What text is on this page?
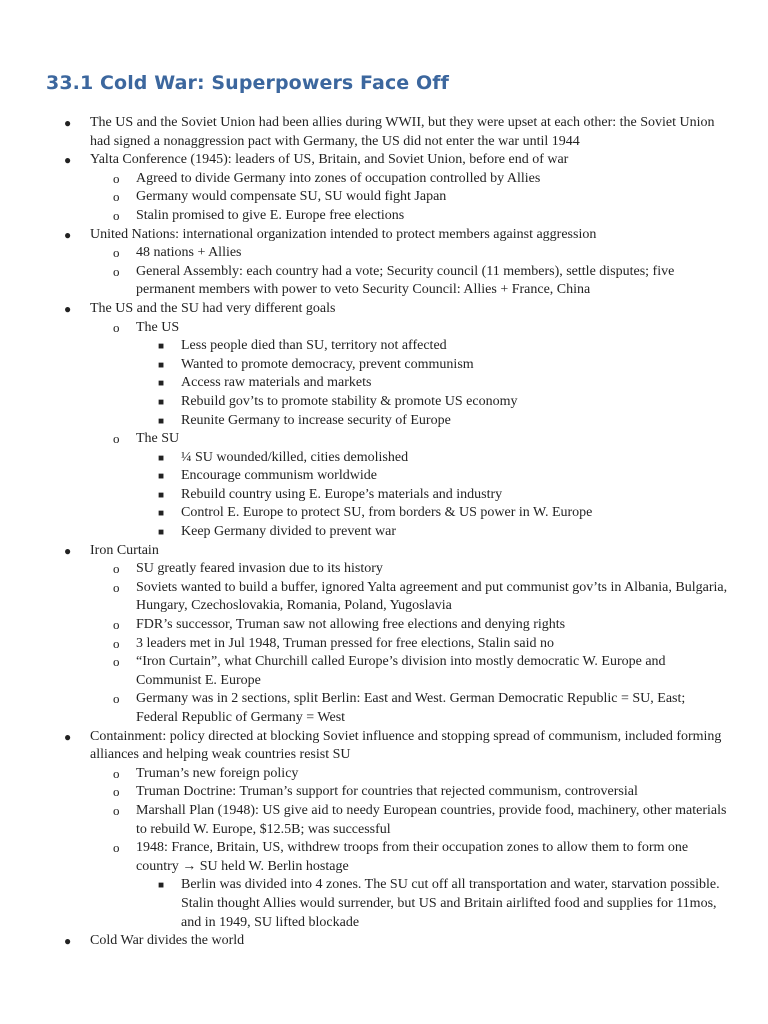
33.1 Cold War: Superpowers Face Off
● The US and the Soviet Union had been allies during WWII, but they were upset at each other: the Soviet Union had signed a nonaggression pact with Germany, the US did not enter the war until 1944
● Yalta Conference (1945): leaders of US, Britain, and Soviet Union, before end of war
o Agreed to divide Germany into zones of occupation controlled by Allies
o Germany would compensate SU, SU would fight Japan
o Stalin promised to give E. Europe free elections
● United Nations: international organization intended to protect members against aggression
o 48 nations + Allies
o General Assembly: each country had a vote; Security council (11 members), settle disputes; five permanent members with power to veto Security Council: Allies + France, China
● The US and the SU had very different goals
o The US
■ Less people died than SU, territory not affected
■ Wanted to promote democracy, prevent communism
■ Access raw materials and markets
■ Rebuild gov’ts to promote stability & promote US economy
■ Reunite Germany to increase security of Europe
o The SU
■ ¼ SU wounded/killed, cities demolished
■ Encourage communism worldwide
■ Rebuild country using E. Europe’s materials and industry
■ Control E. Europe to protect SU, from borders & US power in W. Europe
■ Keep Germany divided to prevent war
● Iron Curtain
o SU greatly feared invasion due to its history
o Soviets wanted to build a buffer, ignored Yalta agreement and put communist gov’ts in Albania, Bulgaria, Hungary, Czechoslovakia, Romania, Poland, Yugoslavia
o FDR’s successor, Truman saw not allowing free elections and denying rights
o 3 leaders met in Jul 1948, Truman pressed for free elections, Stalin said no
o “Iron Curtain”, what Churchill called Europe’s division into mostly democratic W. Europe and Communist E. Europe
o Germany was in 2 sections, split Berlin: East and West. German Democratic Republic = SU, East; Federal Republic of Germany = West
● Containment: policy directed at blocking Soviet influence and stopping spread of communism, included forming alliances and helping weak countries resist SU
o Truman’s new foreign policy
o Truman Doctrine: Truman’s support for countries that rejected communism, controversial
o Marshall Plan (1948): US give aid to needy European countries, provide food, machinery, other materials to rebuild W. Europe, $12.5B; was successful
o 1948: France, Britain, US, withdrew troops from their occupation zones to allow them to form one country → SU held W. Berlin hostage
■ Berlin was divided into 4 zones. The SU cut off all transportation and water, starvation possible. Stalin thought Allies would surrender, but US and Britain airlifted food and supplies for 11mos, and in 1949, SU lifted blockade
● Cold War divides the world
